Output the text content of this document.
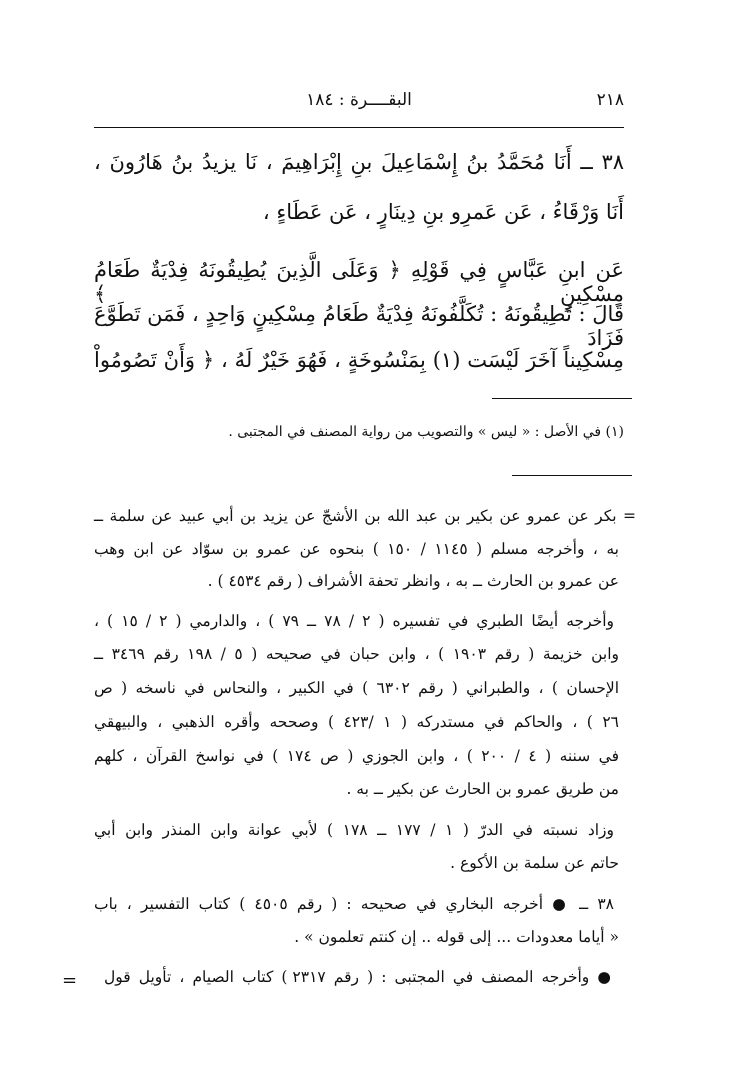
٢١٨
البقــــرة : ١٨٤
٣٨ ــ أَنَا مُحَمَّدُ بنُ إِسْمَاعِيلَ بنِ إِبْرَاهِيمَ ، نَا يزيدُ بنُ هَارُونَ ،
أَنَا وَرْقَاءُ ، عَن عَمرِو بنِ دِينَارٍ ، عَن عَطَاءٍ ،
عَن ابنِ عَبَّاسٍ فِي قَوْلِهِ ﴿ وَعَلَى الَّذِينَ يُطِيقُونَهُ فِدْيَةٌ طَعَامُ مِسْكِينٍ ﴾
قَالَ : تُطِيقُونَهُ : تُكَلَّفُونَهُ فِدْيَةٌ طَعَامُ مِسْكِينٍ وَاحِدٍ ، فَمَن تَطَوَّعَ فَزَادَ
مِسْكِيناً آخَرَ لَيْسَت (١) بِمَنْسُوخَةٍ ، فَهُوَ خَيْرٌ لَهُ ، ﴿ وَأَنْ تَصُومُواْ
(١) في الأصل : « ليس » والتصويب من رواية المصنف في المجتبى .
= بكر عن عمرو عن بكير بن عبد الله بن الأشجّ عن يزيد بن أبي عبيد عن سلمة ــ
به ، وأخرجه مسلم ( ١١٤٥ / ١٥٠ ) بنحوه عن عمرو بن سوّاد عن ابن وهب
عن عمرو بن الحارث ــ به ، وانظر تحفة الأشراف ( رقم ٤٥٣٤ ) .
وأخرجه أيضًا الطبري في تفسيره ( ٢ / ٧٨ ــ ٧٩ ) ، والدارمي ( ٢ / ١٥ ) ،
وابن خزيمة ( رقم ١٩٠٣ ) ، وابن حبان في صحيحه ( ٥ / ١٩٨ رقم ٣٤٦٩ ــ
الإحسان ) ، والطبراني ( رقم ٦٣٠٢ ) في الكبير ، والنحاس في ناسخه ( ص
٢٦ ) ، والحاكم في مستدركه ( ١ /٤٢٣ ) وصححه وأقره الذهبي ، والبيهقي
في سننه ( ٤ / ٢٠٠ ) ، وابن الجوزي ( ص ١٧٤ ) في نواسخ القرآن ، كلهم
من طريق عمرو بن الحارث عن بكير ــ به .
وزاد نسبته في الدرّ ( ١ / ١٧٧ ــ ١٧٨ ) لأبي عوانة وابن المنذر وابن أبي
حاتم عن سلمة بن الأكوع .
٣٨ ــ ● أخرجه البخاري في صحيحه : ( رقم ٤٥٠٥ ) كتاب التفسير ، باب
« أياما معدودات ... إلى قوله .. إن كنتم تعلمون » .
● وأخرجه المصنف في المجتبى : ( رقم ٢٣١٧ ) كتاب الصيام ، تأويل قول
=
